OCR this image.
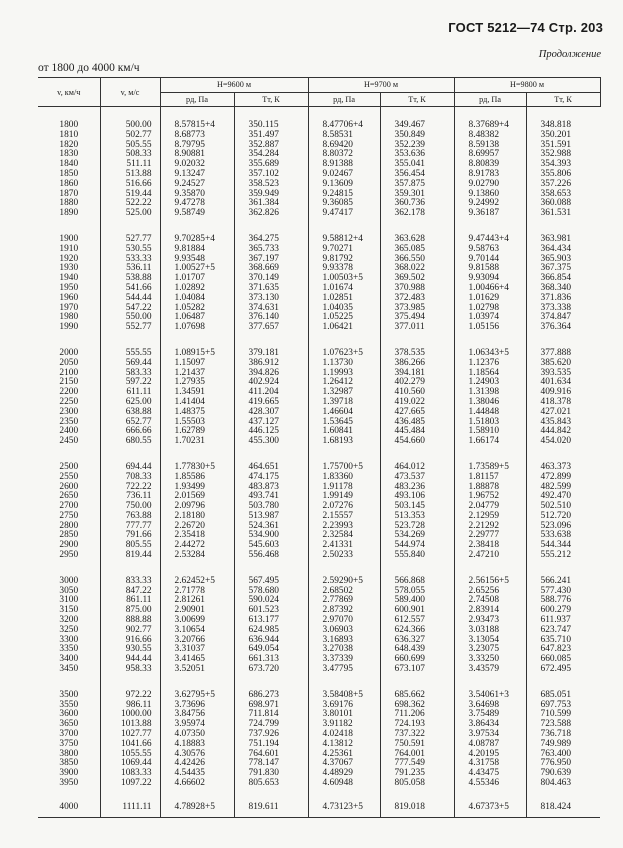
ГОСТ 5212—74 Стр. 203
Продолжение
от 1800 до 4000 км/ч
v, км/ч	v, м/с	H=9600 м		H=9700 м		H=9800 м	
		pд, Па	Tт, К	pд, Па	Tт, К	pд, Па	Tт, К
1800	500.00	8.57815+4	350.115	8.47706+4	349.467	8.37689+4	348.818
1810	502.77	8.68773	351.497	8.58531	350.849	8.48382	350.201
1820	505.55	8.79795	352.887	8.69420	352.239	8.59138	351.591
1830	508.33	8.90881	354.284	8.80372	353.636	8.69957	352.988
1840	511.11	9.02032	355.689	8.91388	355.041	8.80839	354.393
1850	513.88	9.13247	357.102	9.02467	356.454	8.91783	355.806
1860	516.66	9.24527	358.523	9.13609	357.875	9.02790	357.226
1870	519.44	9.35870	359.949	9.24815	359.301	9.13860	358.653
1880	522.22	9.47278	361.384	9.36085	360.736	9.24992	360.088
1890	525.00	9.58749	362.826	9.47417	362.178	9.36187	361.531
1900	527.77	9.70285+4	364.275	9.58812+4	363.628	9.47443+4	363.981
1910	530.55	9.81884	365.733	9.70271	365.085	9.58763	364.434
1920	533.33	9.93548	367.197	9.81792	366.550	9.70144	365.903
1930	536.11	1.00527+5	368.669	9.93378	368.022	9.81588	367.375
1940	538.88	1.01707	370.149	1.00503+5	369.502	9.93094	366.854
1950	541.66	1.02892	371.635	1.01674	370.988	1.00466+4	368.340
1960	544.44	1.04084	373.130	1.02851	372.483	1.01629	371.836
1970	547.22	1.05282	374.631	1.04035	373.985	1.02798	373.338
1980	550.00	1.06487	376.140	1.05225	375.494	1.03974	374.847
1990	552.77	1.07698	377.657	1.06421	377.011	1.05156	376.364
2000	555.55	1.08915+5	379.181	1.07623+5	378.535	1.06343+5	377.888
2050	569.44	1.15097	386.912	1.13730	386.266	1.12376	385.620
2100	583.33	1.21437	394.826	1.19993	394.181	1.18564	393.535
2150	597.22	1.27935	402.924	1.26412	402.279	1.24903	401.634
2200	611.11	1.34591	411.204	1.32987	410.560	1.31398	409.916
2250	625.00	1.41404	419.665	1.39718	419.022	1.38046	418.378
2300	638.88	1.48375	428.307	1.46604	427.665	1.44848	427.021
2350	652.77	1.55503	437.127	1.53645	436.485	1.51803	435.843
2400	666.66	1.62789	446.125	1.60841	445.484	1.58910	444.842
2450	680.55	1.70231	455.300	1.68193	454.660	1.66174	454.020
2500	694.44	1.77830+5	464.651	1.75700+5	464.012	1.73589+5	463.373
2550	708.33	1.85586	474.175	1.83360	473.537	1.81157	472.899
2600	722.22	1.93499	483.873	1.91178	483.236	1.88878	482.599
2650	736.11	2.01569	493.741	1.99149	493.106	1.96752	492.470
2700	750.00	2.09796	503.780	2.07276	503.145	2.04779	502.510
2750	763.88	2.18180	513.987	2.15557	513.353	2.12959	512.720
2800	777.77	2.26720	524.361	2.23993	523.728	2.21292	523.096
2850	791.66	2.35418	534.900	2.32584	534.269	2.29777	533.638
2900	805.55	2.44272	545.603	2.41331	544.974	2.38418	544.344
2950	819.44	2.53284	556.468	2.50233	555.840	2.47210	555.212
3000	833.33	2.62452+5	567.495	2.59290+5	566.868	2.56156+5	566.241
3050	847.22	2.71778	578.680	2.68502	578.055	2.65256	577.430
3100	861.11	2.81261	590.024	2.77869	589.400	2.74508	588.776
3150	875.00	2.90901	601.523	2.87392	600.901	2.83914	600.279
3200	888.88	3.00699	613.177	2.97070	612.557	2.93473	611.937
3250	902.77	3.10654	624.985	3.06903	624.366	3.03188	623.747
3300	916.66	3.20766	636.944	3.16893	636.327	3.13054	635.710
3350	930.55	3.31037	649.054	3.27038	648.439	3.23075	647.823
3400	944.44	3.41465	661.313	3.37339	660.699	3.33250	660.085
3450	958.33	3.52051	673.720	3.47795	673.107	3.43579	672.495
3500	972.22	3.62795+5	686.273	3.58408+5	685.662	3.54061+3	685.051
3550	986.11	3.73696	698.971	3.69176	698.362	3.64698	697.753
3600	1000.00	3.84756	711.814	3.80101	711.206	3.75489	710.599
3650	1013.88	3.95974	724.799	3.91182	724.193	3.86434	723.588
3700	1027.77	4.07350	737.926	4.02418	737.322	3.97534	736.718
3750	1041.66	4.18883	751.194	4.13812	750.591	4.08787	749.989
3800	1055.55	4.30576	764.601	4.25361	764.001	4.20195	763.400
3850	1069.44	4.42426	778.147	4.37067	777.549	4.31758	776.950
3900	1083.33	4.54435	791.830	4.48929	791.235	4.43475	790.639
3950	1097.22	4.66602	805.653	4.60948	805.058	4.55346	804.463
4000	1111.11	4.78928+5	819.611	4.73123+5	819.018	4.67373+5	818.424
